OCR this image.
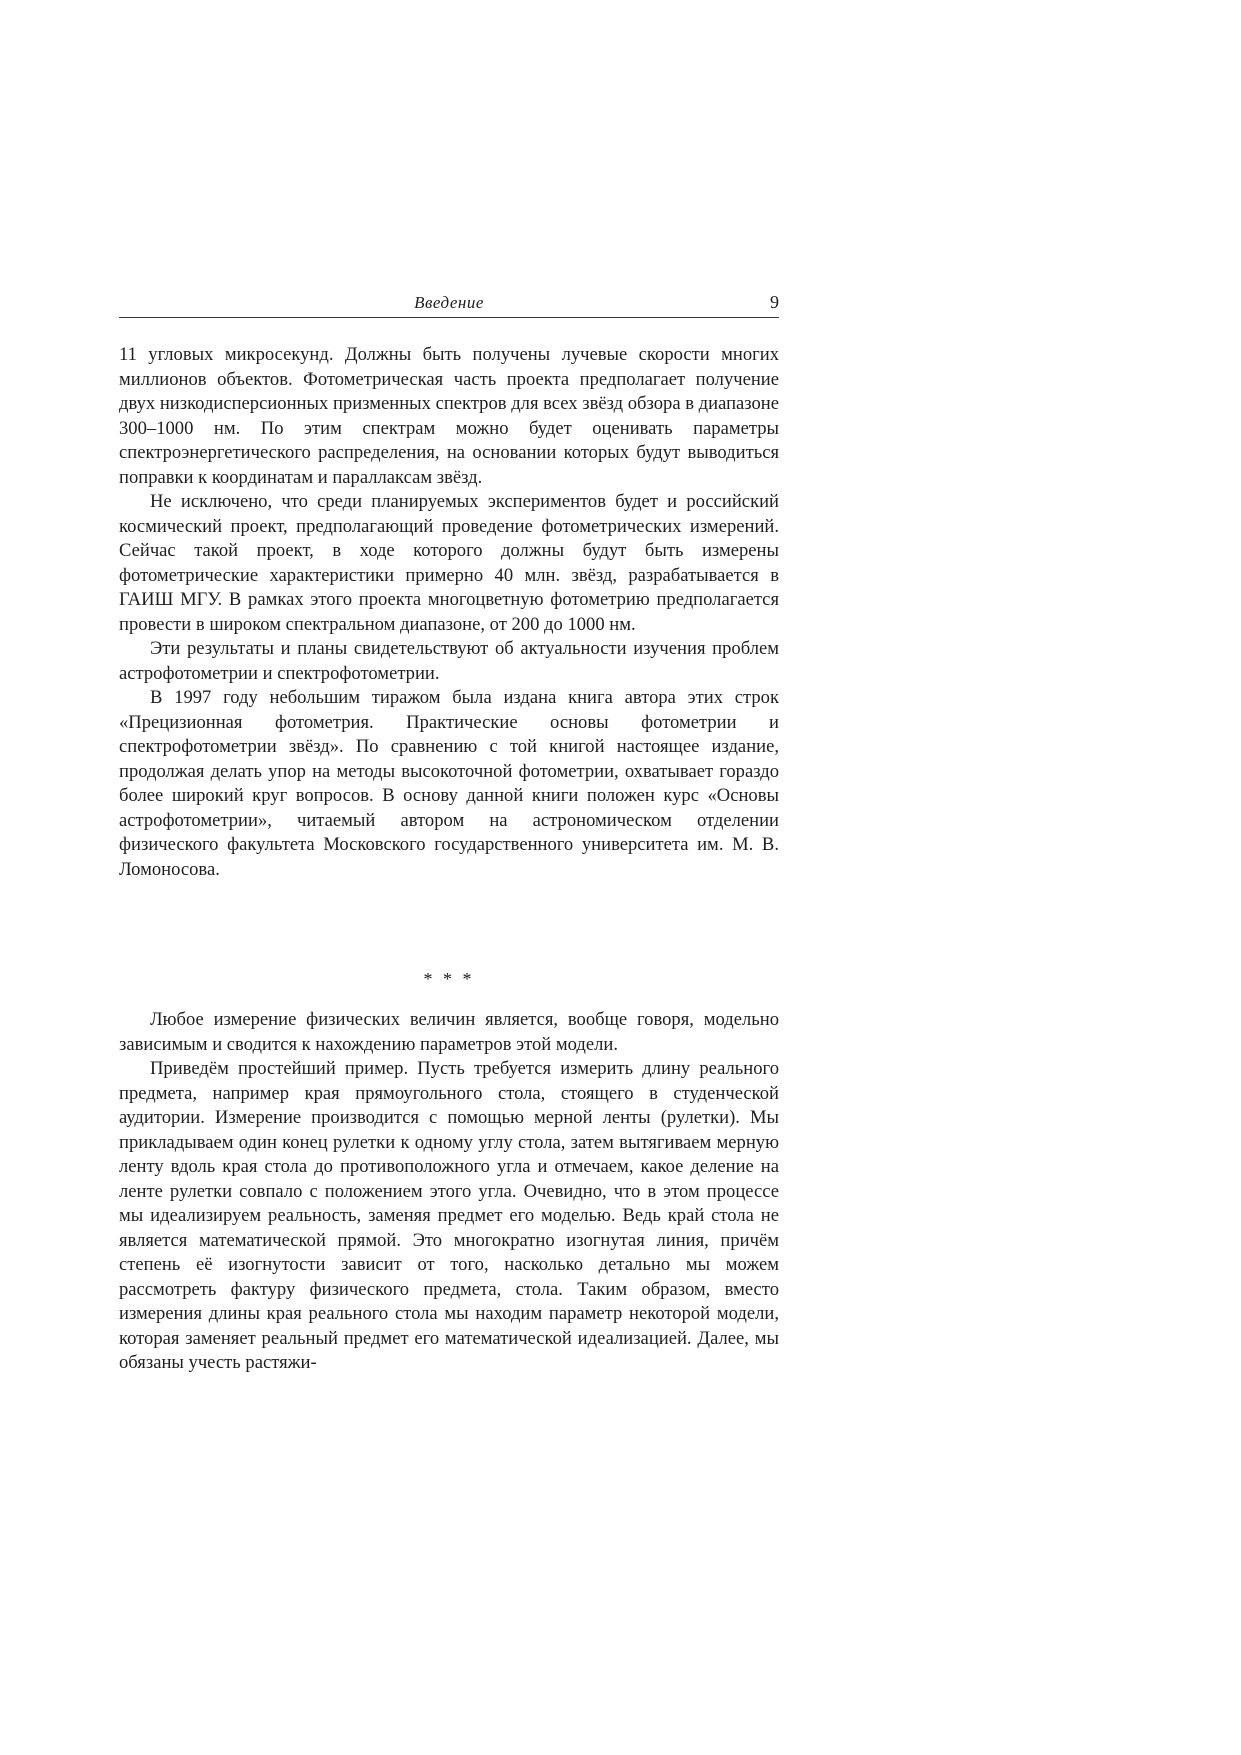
Введение	9

11 угловых микросекунд. Должны быть получены лучевые скорости многих миллионов объектов. Фотометрическая часть проекта предполагает получение двух низкодисперсионных призменных спектров для всех звёзд обзора в диапазоне 300–1000 нм. По этим спектрам можно будет оценивать параметры спектроэнергетического распределения, на основании которых будут выводиться поправки к координатам и параллаксам звёзд.

Не исключено, что среди планируемых экспериментов будет и российский космический проект, предполагающий проведение фотометрических измерений. Сейчас такой проект, в ходе которого должны будут быть измерены фотометрические характеристики примерно 40 млн. звёзд, разрабатывается в ГАИШ МГУ. В рамках этого проекта многоцветную фотометрию предполагается провести в широком спектральном диапазоне, от 200 до 1000 нм.

Эти результаты и планы свидетельствуют об актуальности изучения проблем астрофотометрии и спектрофотометрии.

В 1997 году небольшим тиражом была издана книга автора этих строк «Прецизионная фотометрия. Практические основы фотометрии и спектрофотометрии звёзд». По сравнению с той книгой настоящее издание, продолжая делать упор на методы высокоточной фотометрии, охватывает гораздо более широкий круг вопросов. В основу данной книги положен курс «Основы астрофотометрии», читаемый автором на астрономическом отделении физического факультета Московского государственного университета им. М. В. Ломоносова.

* * *

Любое измерение физических величин является, вообще говоря, модельно зависимым и сводится к нахождению параметров этой модели.

Приведём простейший пример. Пусть требуется измерить длину реального предмета, например края прямоугольного стола, стоящего в студенческой аудитории. Измерение производится с помощью мерной ленты (рулетки). Мы прикладываем один конец рулетки к одному углу стола, затем вытягиваем мерную ленту вдоль края стола до противоположного угла и отмечаем, какое деление на ленте рулетки совпало с положением этого угла. Очевидно, что в этом процессе мы идеализируем реальность, заменяя предмет его моделью. Ведь край стола не является математической прямой. Это многократно изогнутая линия, причём степень её изогнутости зависит от того, насколько детально мы можем рассмотреть фактуру физического предмета, стола. Таким образом, вместо измерения длины края реального стола мы находим параметр некоторой модели, которая заменяет реальный предмет его математической идеализацией. Далее, мы обязаны учесть растяжи-
